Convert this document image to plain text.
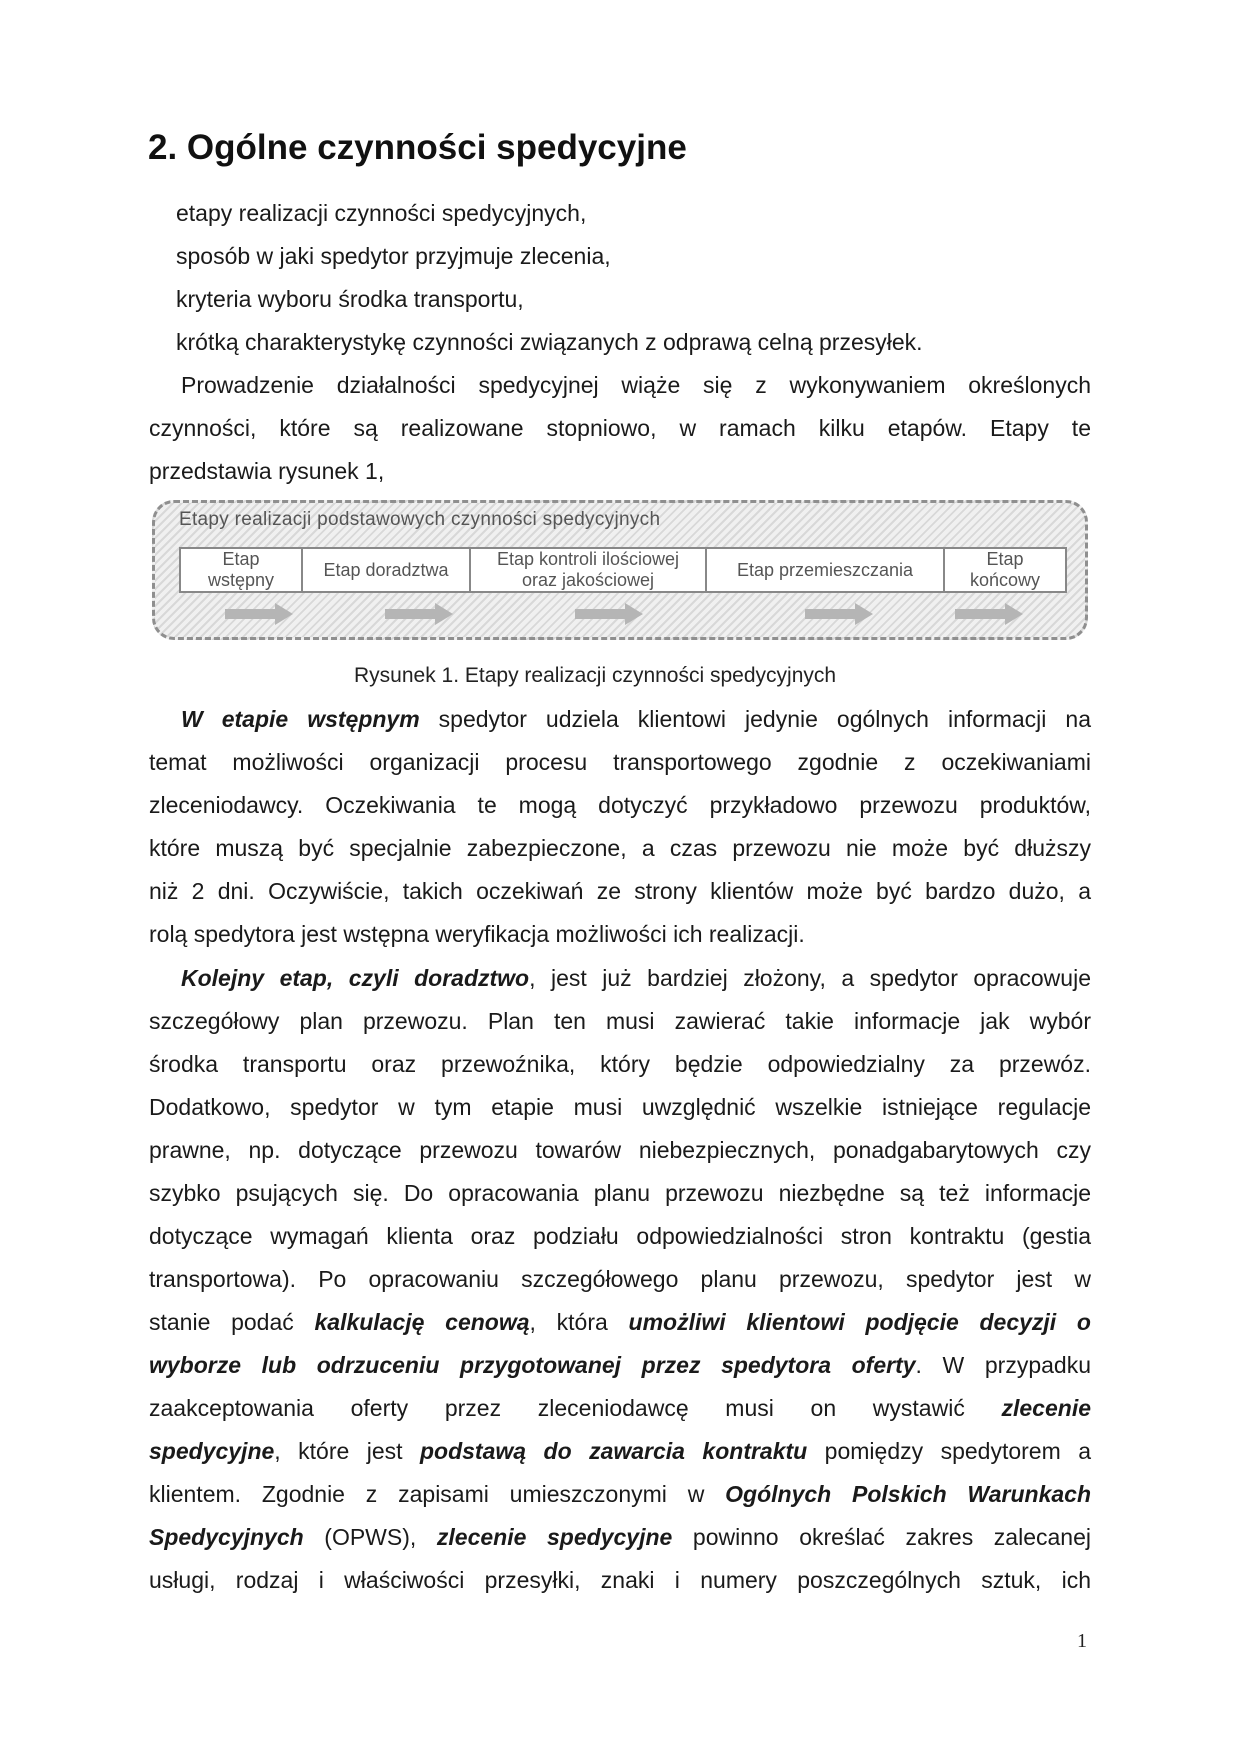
2. Ogólne czynności spedycyjne
etapy realizacji czynności spedycyjnych,
sposób w jaki spedytor przyjmuje zlecenia,
kryteria wyboru środka transportu,
krótką charakterystykę czynności związanych z odprawą celną przesyłek.
Prowadzenie działalności spedycyjnej wiąże się z wykonywaniem określonych
czynności, które są realizowane stopniowo, w ramach kilku etapów. Etapy te
przedstawia rysunek 1,
Etapy realizacji podstawowych czynności spedycyjnych
Etap
wstępny
Etap doradztwa
Etap kontroli ilościowej
oraz jakościowej
Etap przemieszczania
Etap
końcowy
Rysunek 1. Etapy realizacji czynności spedycyjnych
W etapie wstępnym spedytor udziela klientowi jedynie ogólnych informacji na
temat możliwości organizacji procesu transportowego zgodnie z oczekiwaniami
zleceniodawcy. Oczekiwania te mogą dotyczyć przykładowo przewozu produktów,
które muszą być specjalnie zabezpieczone, a czas przewozu nie może być dłuższy
niż 2 dni. Oczywiście, takich oczekiwań ze strony klientów może być bardzo dużo, a
rolą spedytora jest wstępna weryfikacja możliwości ich realizacji.
Kolejny etap, czyli doradztwo, jest już bardziej złożony, a spedytor opracowuje
szczegółowy plan przewozu. Plan ten musi zawierać takie informacje jak wybór
środka transportu oraz przewoźnika, który będzie odpowiedzialny za przewóz.
Dodatkowo, spedytor w tym etapie musi uwzględnić wszelkie istniejące regulacje
prawne, np. dotyczące przewozu towarów niebezpiecznych, ponadgabarytowych czy
szybko psujących się. Do opracowania planu przewozu niezbędne są też informacje
dotyczące wymagań klienta oraz podziału odpowiedzialności stron kontraktu (gestia
transportowa). Po opracowaniu szczegółowego planu przewozu, spedytor jest w
stanie podać kalkulację cenową, która umożliwi klientowi podjęcie decyzji o
wyborze lub odrzuceniu przygotowanej przez spedytora oferty. W przypadku
zaakceptowania oferty przez zleceniodawcę musi on wystawić zlecenie
spedycyjne, które jest podstawą do zawarcia kontraktu pomiędzy spedytorem a
klientem. Zgodnie z zapisami umieszczonymi w Ogólnych Polskich Warunkach
Spedycyjnych (OPWS), zlecenie spedycyjne powinno określać zakres zalecanej
usługi, rodzaj i właściwości przesyłki, znaki i numery poszczególnych sztuk, ich
1
